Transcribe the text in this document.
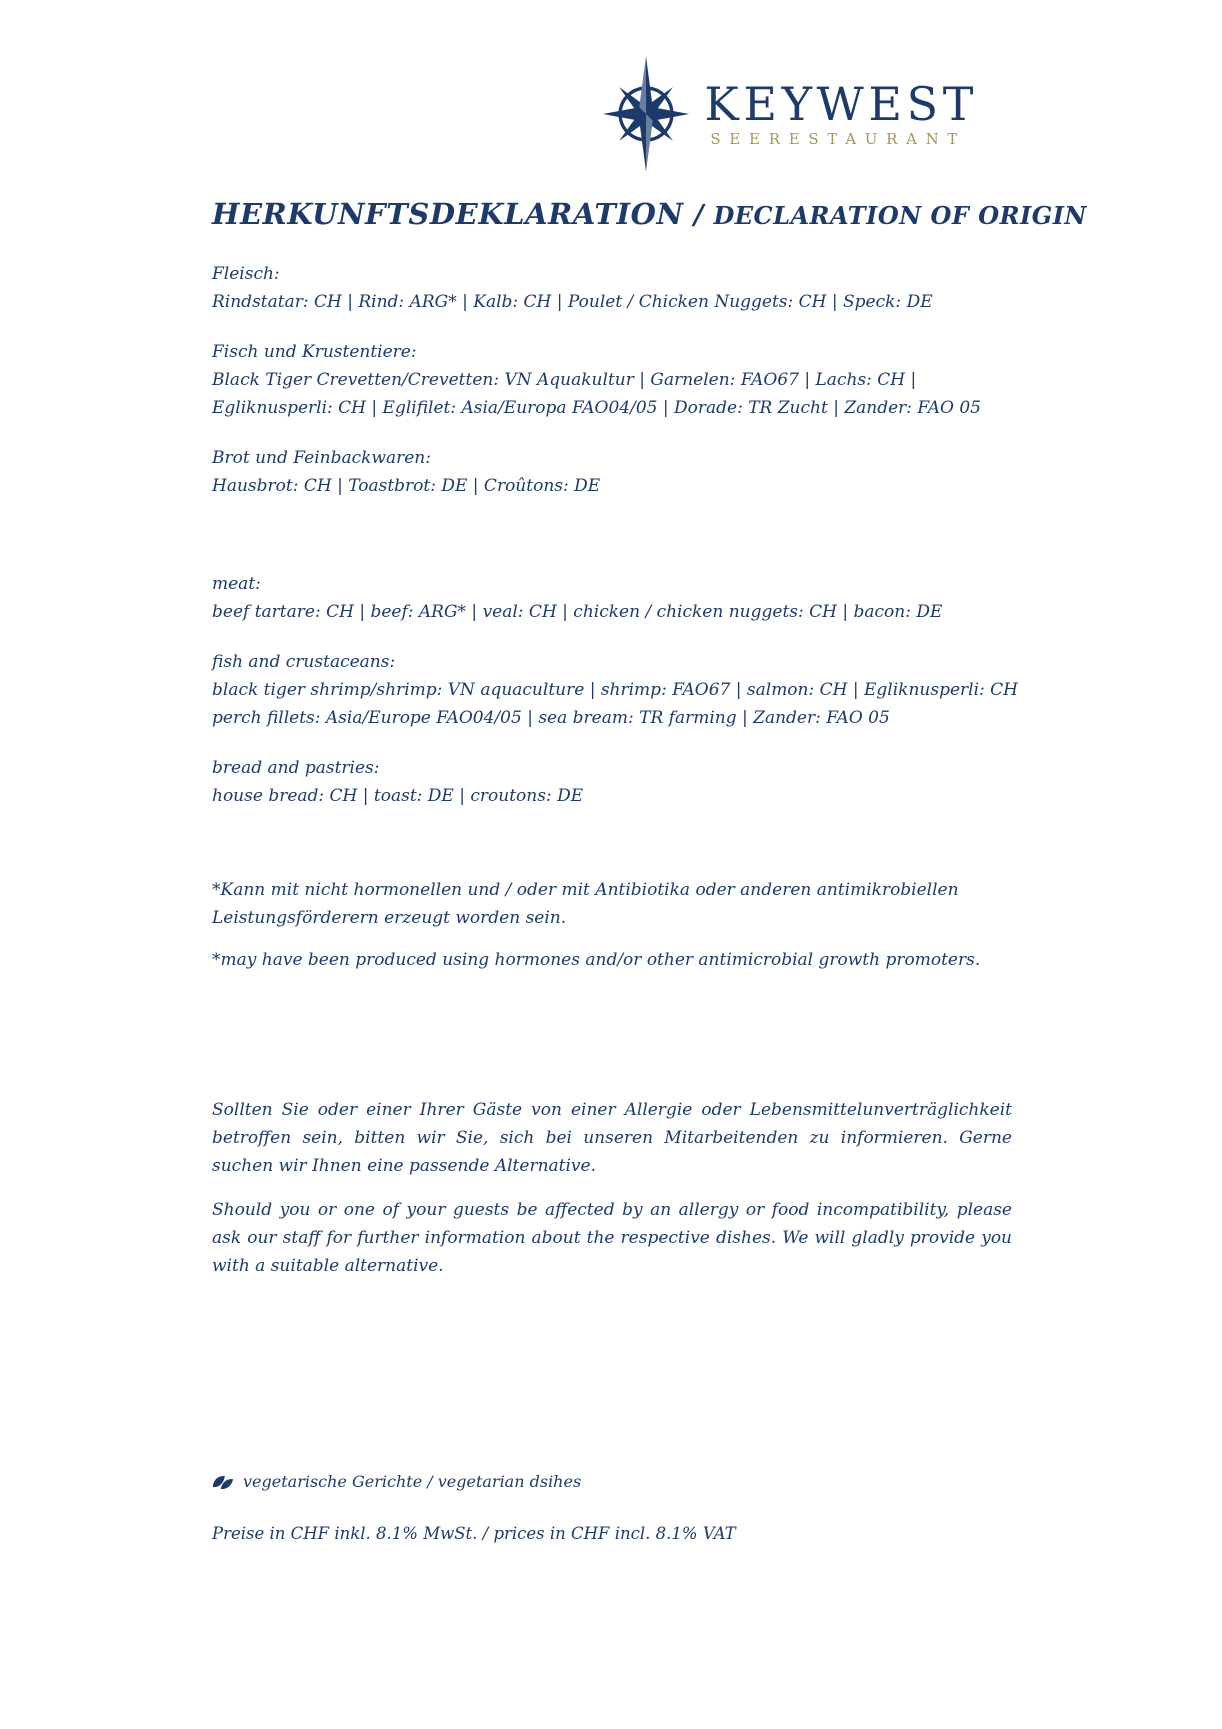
KEYWEST
SEERESTAURANT
HERKUNFTSDEKLARATION / DECLARATION OF ORIGIN

Fleisch:

Rindstatar: CH | Rind: ARG* | Kalb: CH | Poulet / Chicken Nuggets: CH | Speck: DE

Fisch und Krustentiere:

Black Tiger Crevetten/Crevetten: VN Aquakultur | Garnelen: FAO67 | Lachs: CH |
Egliknusperli: CH | Eglifilet: Asia/Europa FAO04/05 | Dorade: TR Zucht | Zander: FAO 05

Brot und Feinbackwaren:

Hausbrot: CH | Toastbrot: DE | Croûtons: DE

meat:

beef tartare: CH | beef: ARG* | veal: CH | chicken / chicken nuggets: CH | bacon: DE

fish and crustaceans:

black tiger shrimp/shrimp: VN aquaculture | shrimp: FAO67 | salmon: CH | Egliknusperli: CH
perch fillets: Asia/Europe FAO04/05 | sea bream: TR farming | Zander: FAO 05

bread and pastries:

house bread: CH | toast: DE | croutons: DE

*Kann mit nicht hormonellen und / oder mit Antibiotika oder anderen antimikrobiellen Leistungsförderern erzeugt worden sein.

*may have been produced using hormones and/or other antimicrobial growth promoters.

Sollten Sie oder einer Ihrer Gäste von einer Allergie oder Lebensmittelunverträglichkeit betroffen sein, bitten wir Sie, sich bei unseren Mitarbeitenden zu informieren. Gerne suchen wir Ihnen eine passende Alternative.

Should you or one of your guests be affected by an allergy or food incompatibility, please ask our staff for further information about the respective dishes. We will gladly provide you with a suitable alternative.

vegetarische Gerichte / vegetarian dsihes
Preise in CHF inkl. 8.1% MwSt. / prices in CHF incl. 8.1% VAT
